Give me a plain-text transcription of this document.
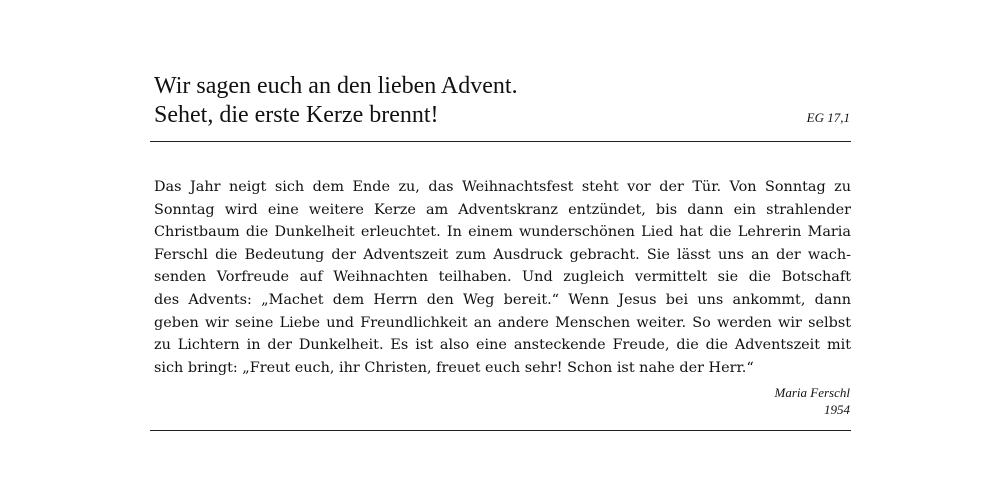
Wir sagen euch an den lieben Advent.
Sehet, die erste Kerze brennt!	EG 17,1
Das Jahr neigt sich dem Ende zu, das Weihnachtsfest steht vor der Tür. Von Sonntag zu
Sonntag wird eine weitere Kerze am Adventskranz entzündet, bis dann ein strahlender
Christbaum die Dunkelheit erleuchtet. In einem wunderschönen Lied hat die Lehrerin Maria
Ferschl die Bedeutung der Adventszeit zum Ausdruck gebracht. Sie lässt uns an der wach-
senden Vorfreude auf Weihnachten teilhaben. Und zugleich vermittelt sie die Botschaft
des Advents: „Machet dem Herrn den Weg bereit.“ Wenn Jesus bei uns ankommt, dann
geben wir seine Liebe und Freundlichkeit an andere Menschen weiter. So werden wir selbst
zu Lichtern in der Dunkelheit. Es ist also eine ansteckende Freude, die die Adventszeit mit
sich bringt: „Freut euch, ihr Christen, freuet euch sehr! Schon ist nahe der Herr.“
Maria Ferschl
1954
